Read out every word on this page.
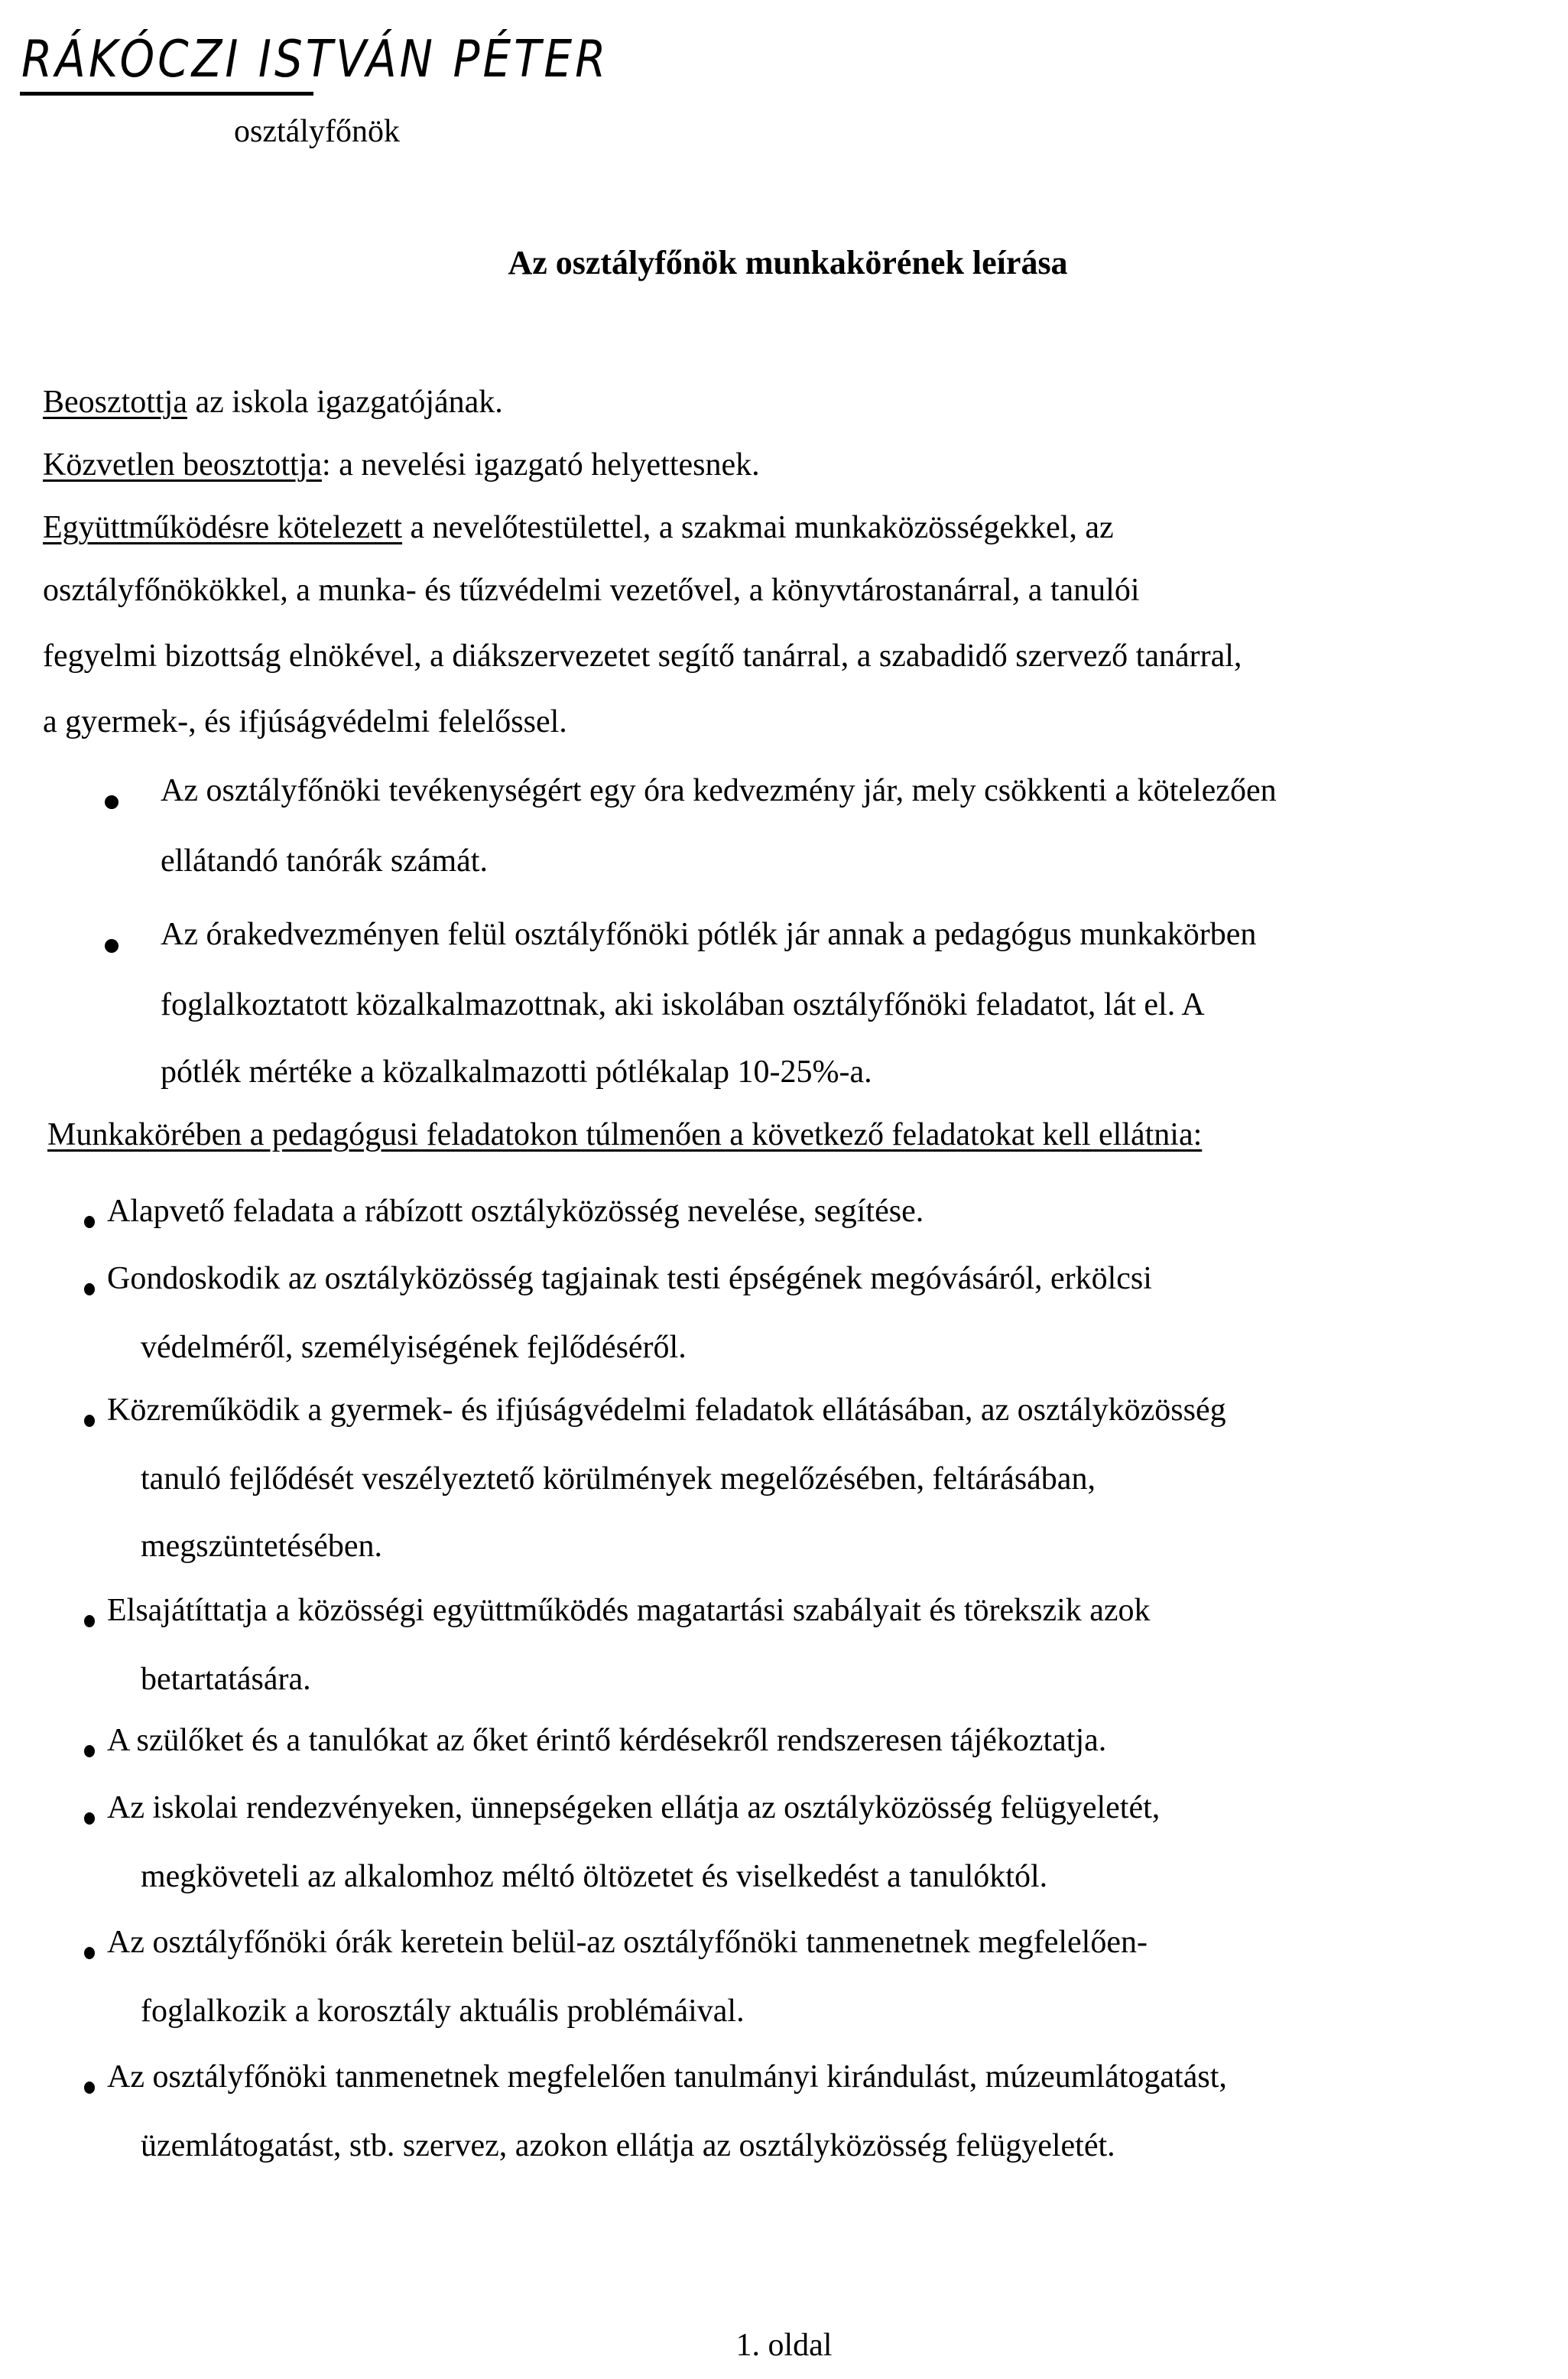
RÁKÓCZI ISTVÁN PÉTER
osztályfőnök
Az osztályfőnök munkakörének leírása
Beosztottja az iskola igazgatójának.
Közvetlen beosztottja: a nevelési igazgató helyettesnek.
Együttműködésre kötelezett a nevelőtestülettel, a szakmai munkaközösségekkel, az
osztályfőnökökkel, a munka- és tűzvédelmi vezetővel, a könyvtárostanárral, a tanulói
fegyelmi bizottság elnökével, a diákszervezetet segítő tanárral, a szabadidő szervező tanárral,
a gyermek-, és ifjúságvédelmi felelőssel.
Az osztályfőnöki tevékenységért egy óra kedvezmény jár, mely csökkenti a kötelezően
ellátandó tanórák számát.
Az órakedvezményen felül osztályfőnöki pótlék jár annak a pedagógus munkakörben
foglalkoztatott közalkalmazottnak, aki iskolában osztályfőnöki feladatot, lát el. A
pótlék mértéke a közalkalmazotti pótlékalap 10-25%-a.
Munkakörében a pedagógusi feladatokon túlmenően a következő feladatokat kell ellátnia:
Alapvető feladata a rábízott osztályközösség nevelése, segítése.
Gondoskodik az osztályközösség tagjainak testi épségének megóvásáról, erkölcsi
védelméről, személyiségének fejlődéséről.
Közreműködik a gyermek- és ifjúságvédelmi feladatok ellátásában, az osztályközösség
tanuló fejlődését veszélyeztető körülmények megelőzésében, feltárásában,
megszüntetésében.
Elsajátíttatja a közösségi együttműködés magatartási szabályait és törekszik azok
betartatására.
A szülőket és a tanulókat az őket érintő kérdésekről rendszeresen tájékoztatja.
Az iskolai rendezvényeken, ünnepségeken ellátja az osztályközösség felügyeletét,
megköveteli az alkalomhoz méltó öltözetet és viselkedést a tanulóktól.
Az osztályfőnöki órák keretein belül-az osztályfőnöki tanmenetnek megfelelően-
foglalkozik a korosztály aktuális problémáival.
Az osztályfőnöki tanmenetnek megfelelően tanulmányi kirándulást, múzeumlátogatást,
üzemlátogatást, stb. szervez, azokon ellátja az osztályközösség felügyeletét.
1. oldal
